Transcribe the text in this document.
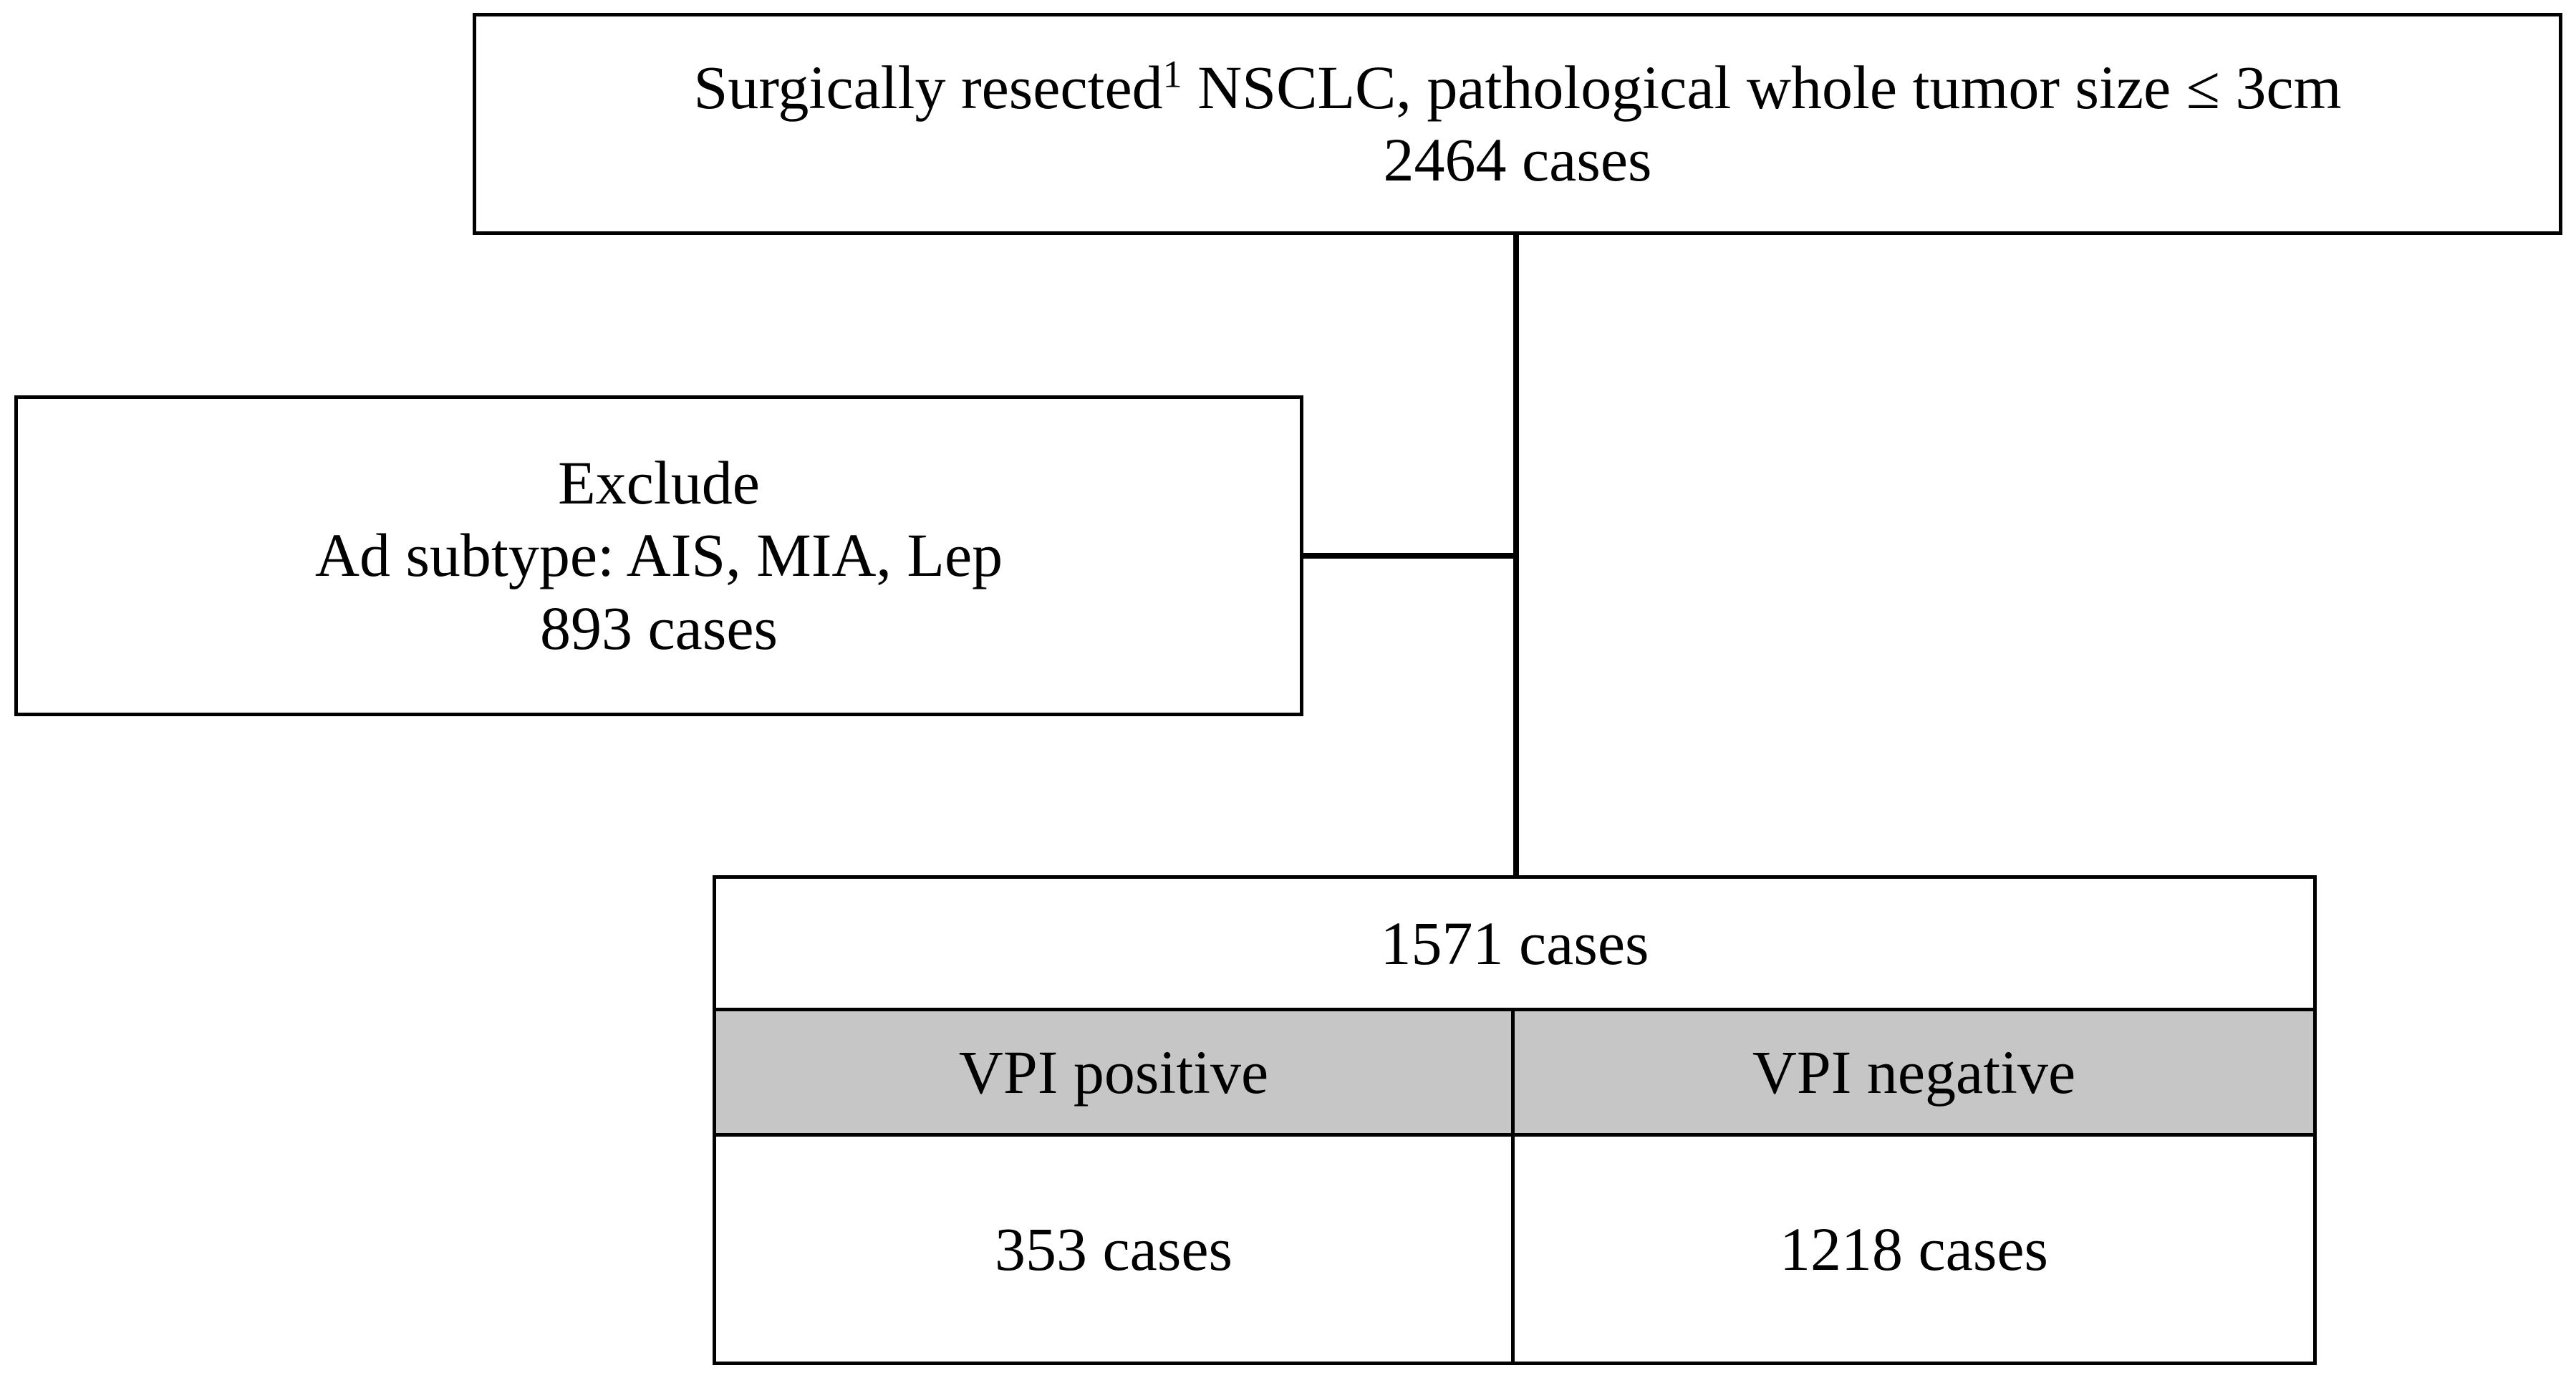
Surgically resected$^1$ NSCLC, pathological whole tumor size ≤ 3cm
2464 cases
Exclude
Ad subtype: AIS, MIA, Lep
893 cases
1571 cases
VPI positive	VPI negative
353 cases	1218 cases
